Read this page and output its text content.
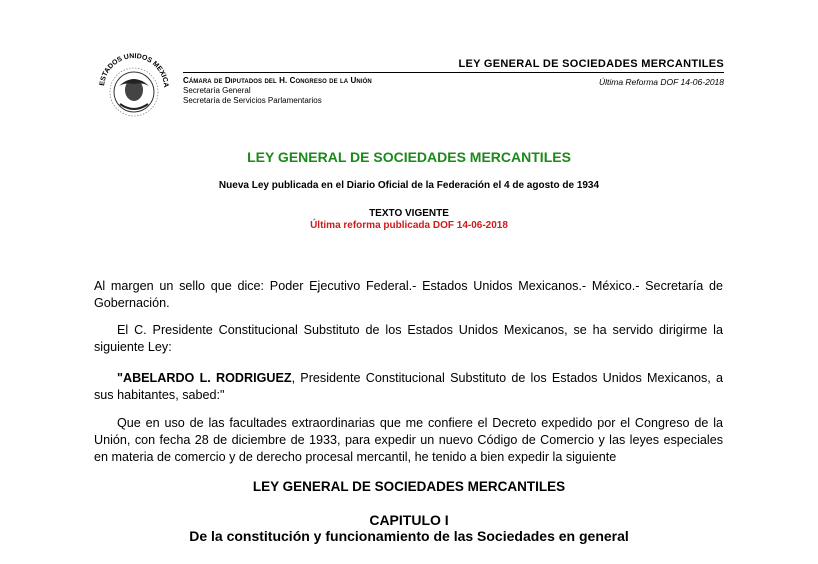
ESTADOS UNIDOS MEXICA
LEY GENERAL DE SOCIEDADES MERCANTILES
Última Reforma DOF 14-06-2018
Cámara de Diputados del H. Congreso de la Unión
Secretaría General
Secretaría de Servicios Parlamentarios
LEY GENERAL DE SOCIEDADES MERCANTILES
Nueva Ley publicada en el Diario Oficial de la Federación el 4 de agosto de 1934
TEXTO VIGENTE
Última reforma publicada DOF 14-06-2018
Al margen un sello que dice: Poder Ejecutivo Federal.- Estados Unidos Mexicanos.- México.- Secretaría de Gobernación.
El C. Presidente Constitucional Substituto de los Estados Unidos Mexicanos, se ha servido dirigirme la siguiente Ley:
"ABELARDO L. RODRIGUEZ, Presidente Constitucional Substituto de los Estados Unidos Mexicanos, a sus habitantes, sabed:"
Que en uso de las facultades extraordinarias que me confiere el Decreto expedido por el Congreso de la Unión, con fecha 28 de diciembre de 1933, para expedir un nuevo Código de Comercio y las leyes especiales en materia de comercio y de derecho procesal mercantil, he tenido a bien expedir la siguiente
LEY GENERAL DE SOCIEDADES MERCANTILES
CAPITULO I
De la constitución y funcionamiento de las Sociedades en general
